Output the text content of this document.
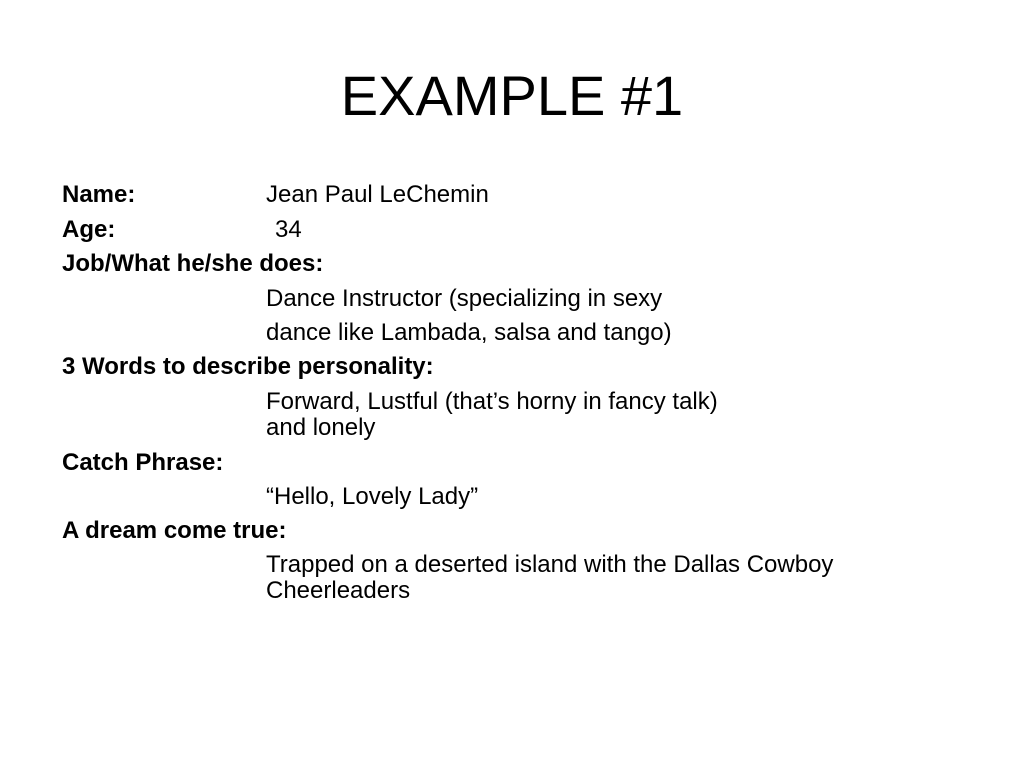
EXAMPLE #1
Name:	Jean Paul LeChemin
Age:	34
Job/What he/she does:
Dance Instructor (specializing in sexy
dance like Lambada, salsa and tango)
3 Words to describe personality:
Forward, Lustful (that’s horny in fancy talk)
and lonely
Catch Phrase:
“Hello, Lovely Lady”
A dream come true:
Trapped on a deserted island with the Dallas Cowboy
Cheerleaders
